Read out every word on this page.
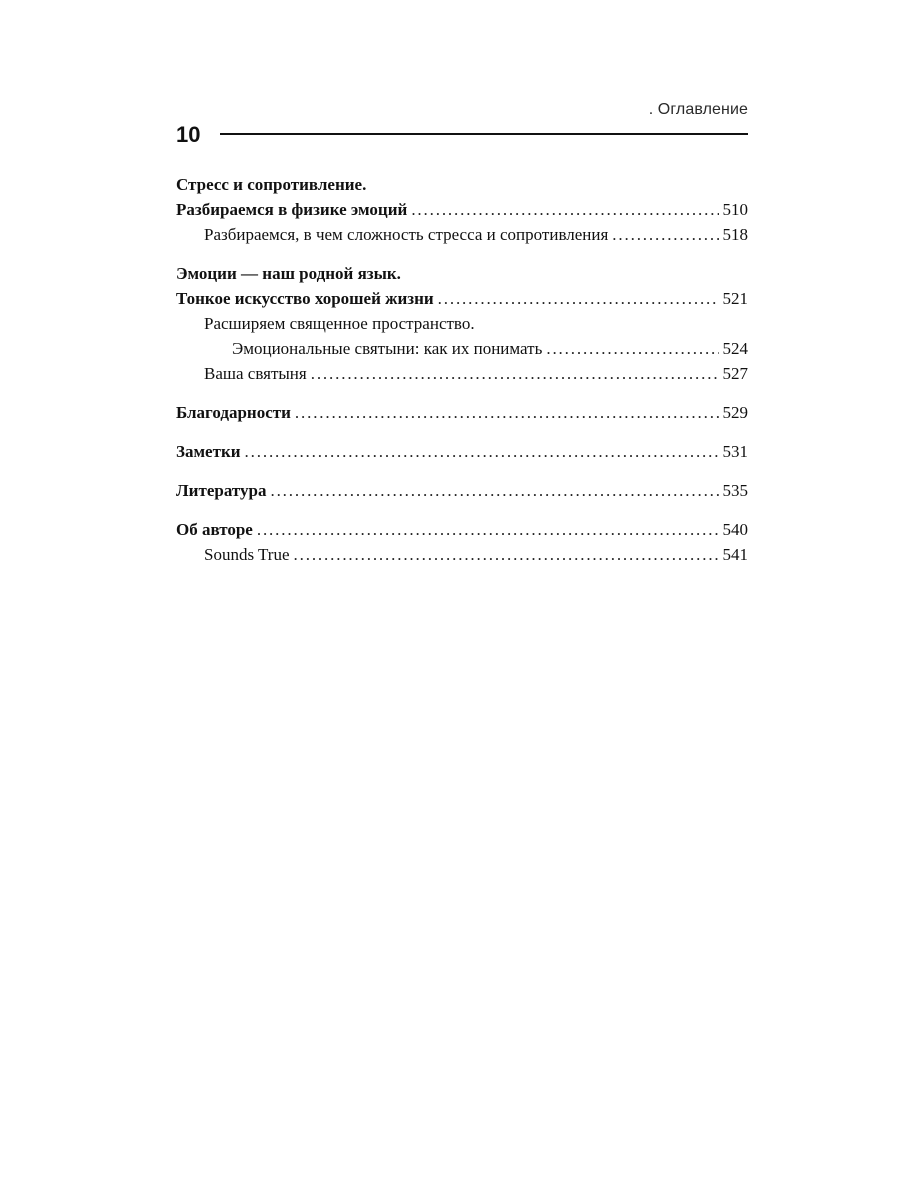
. Оглавление
10
Стресс и сопротивление.
Разбираемся в физике эмоций . . .	510
Разбираемся, в чем сложность стресса и сопротивления . . .	518
Эмоции — наш родной язык.
Тонкое искусство хорошей жизни . . .	521
Расширяем священное пространство.
Эмоциональные святыни: как их понимать . . .	524
Ваша святыня . . .	527
Благодарности . . .	529
Заметки . . .	531
Литература . . .	535
Об авторе . . .	540
Sounds True . . .	541
